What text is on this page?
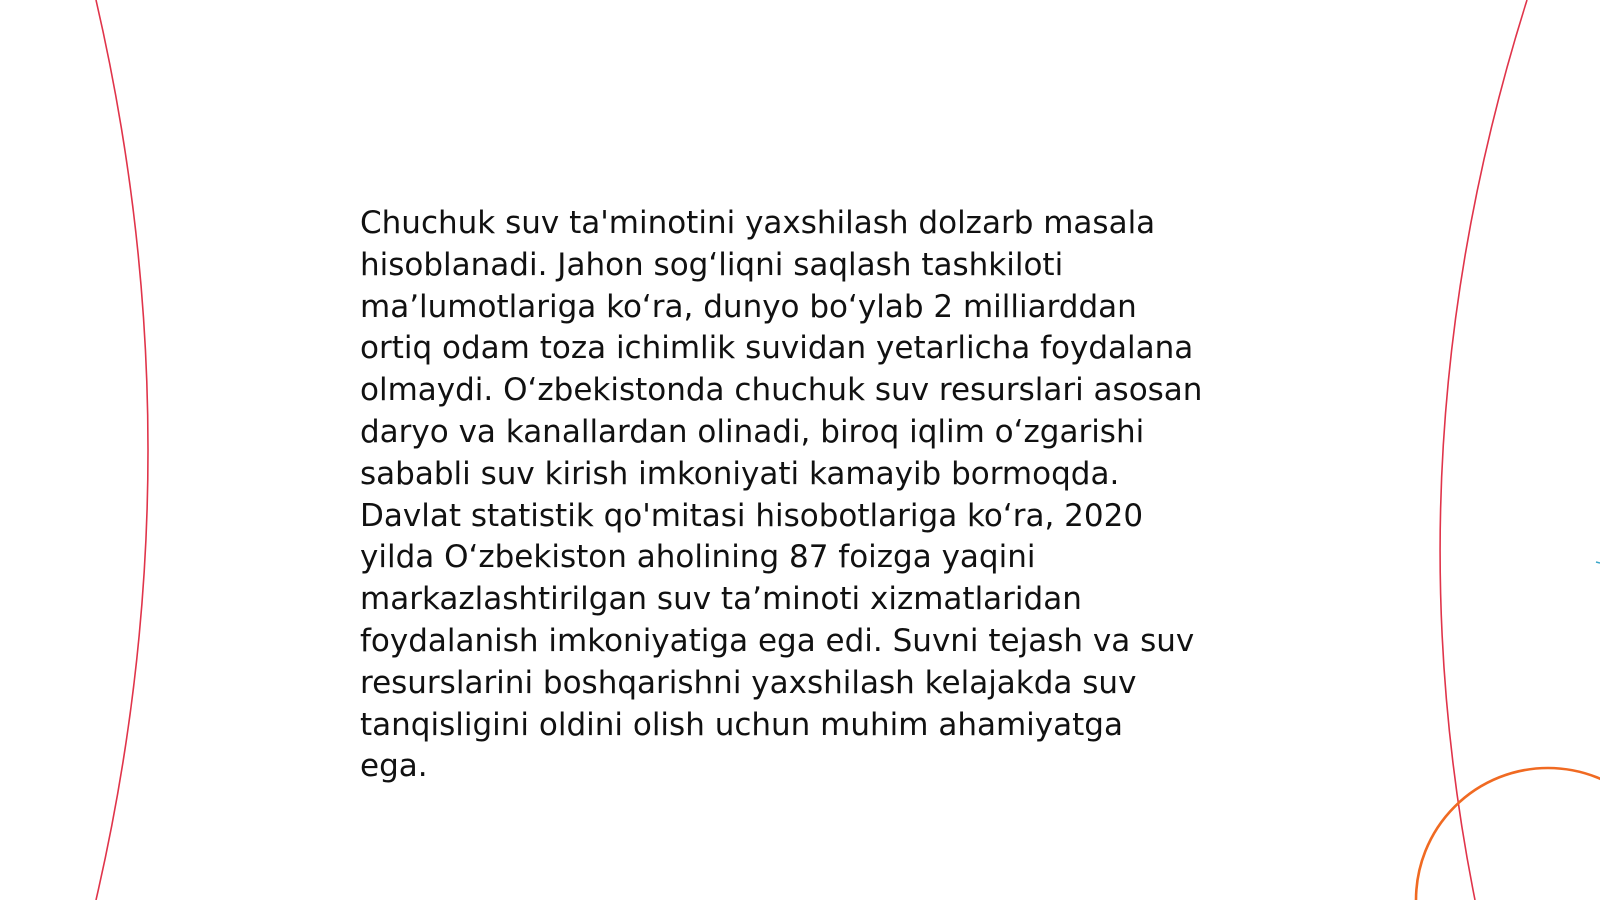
Chuchuk suv ta'minotini yaxshilash dolzarb masala
hisoblanadi. Jahon sog‘liqni saqlash tashkiloti
ma’lumotlariga ko‘ra, dunyo bo‘ylab 2 milliarddan
ortiq odam toza ichimlik suvidan yetarlicha foydalana
olmaydi. O‘zbekistonda chuchuk suv resurslari asosan
daryo va kanallardan olinadi, biroq iqlim o‘zgarishi
sababli suv kirish imkoniyati kamayib bormoqda.
Davlat statistik qo'mitasi hisobotlariga ko‘ra, 2020
yilda O‘zbekiston aholining 87 foizga yaqini
markazlashtirilgan suv ta’minoti xizmatlaridan
foydalanish imkoniyatiga ega edi. Suvni tejash va suv
resurslarini boshqarishni yaxshilash kelajakda suv
tanqisligini oldini olish uchun muhim ahamiyatga
ega.
